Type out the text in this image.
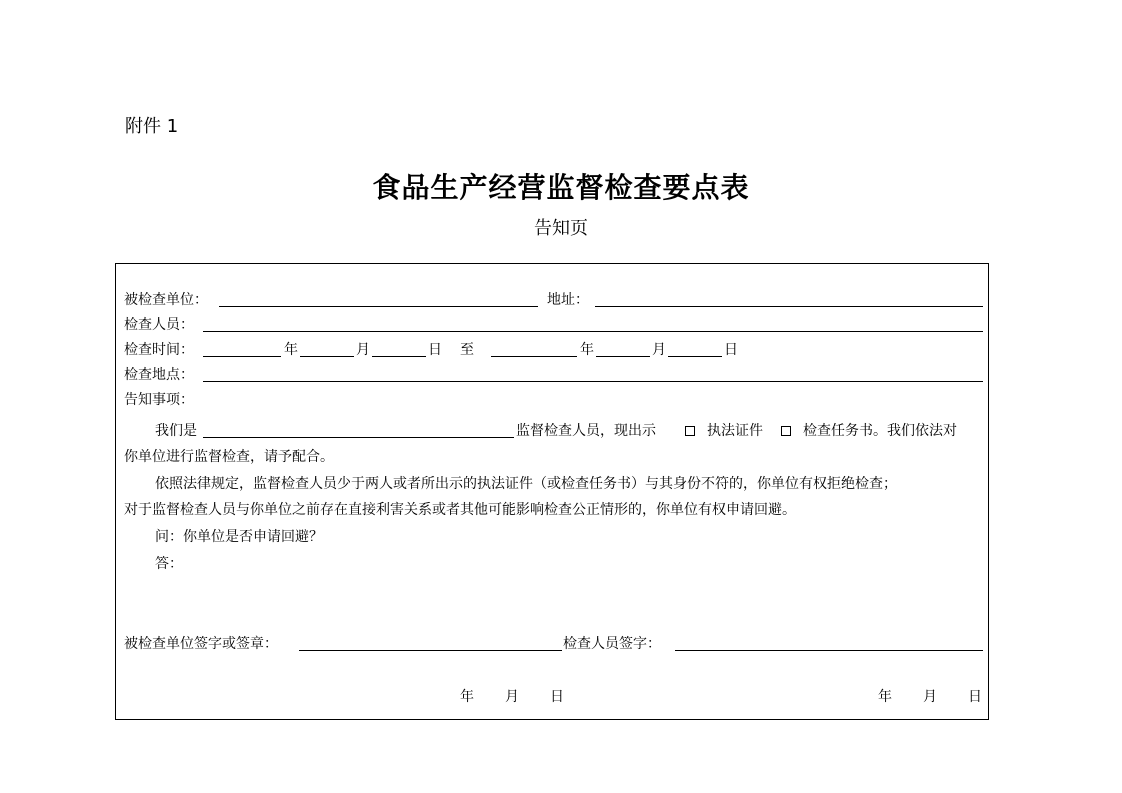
附件 1
食品生产经营监督检查要点表
告知页
被检查单位：	地址：
检查人员：
检查时间：	年	月	日 至	年	月	日
检查地点：
告知事项：
我们是	监督检查人员，现出示	执法证件	检查任务书。我们依法对
你单位进行监督检查，请予配合。
依照法律规定，监督检查人员少于两人或者所出示的执法证件（或检查任务书）与其身份不符的，你单位有权拒绝检查；
对于监督检查人员与你单位之前存在直接利害关系或者其他可能影响检查公正情形的，你单位有权申请回避。
问：你单位是否申请回避？
答：
被检查单位签字或签章：	检查人员签字：
年 月 日	年 月 日
